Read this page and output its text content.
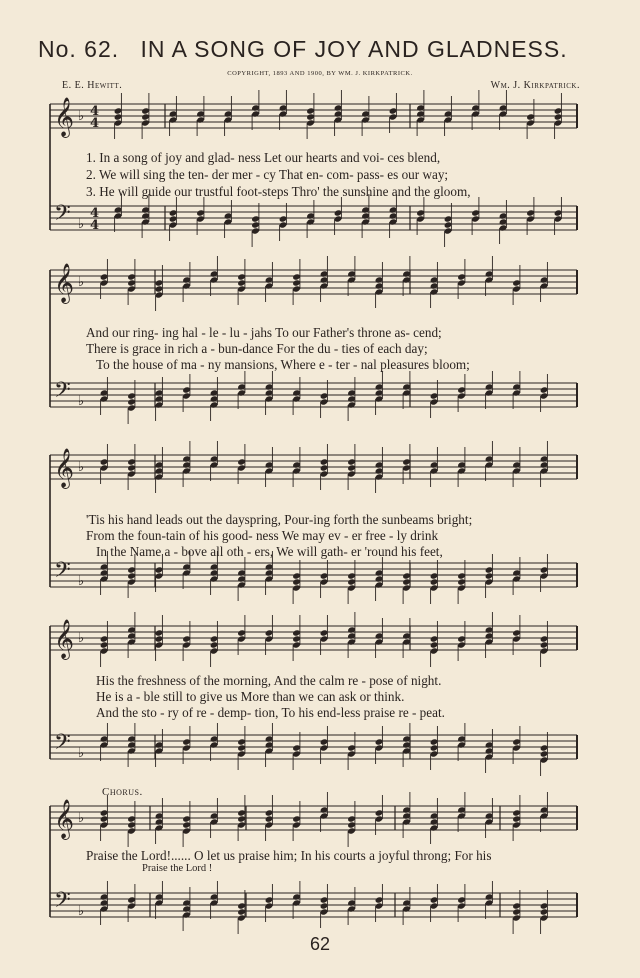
No. 62. IN A SONG OF JOY AND GLADNESS.
COPYRIGHT, 1893 AND 1900, BY WM. J. KIRKPATRICK.
E. E. Hewitt.	Wm. J. Kirkpatrick.
𝄞 ♭ 4
4
𝄢 ♭
4
4
𝄞 ♭
𝄢 ♭
𝄞 ♭
𝄢 ♭
𝄞 ♭
𝄢 ♭
𝄞 ♭
𝄢 ♭
1. In a song of joy and glad- ness Let our hearts and voi- ces blend,
2. We will sing the ten- der mer - cy That en- com- pass- es our way;
3. He will guide our trustful foot-steps Thro' the sunshine and the gloom,
And our ring- ing hal - le - lu - jahs To our Father's throne as- cend;
There is grace in rich a - bun-dance For the du - ties of each day;
To the house of ma - ny mansions, Where e - ter - nal pleasures bloom;
'Tis his hand leads out the dayspring, Pour-ing forth the sunbeams bright;
From the foun-tain of his good- ness We may ev - er free - ly drink
In the Name a - bove all oth - ers, We will gath- er 'round his feet,
His the freshness of the morning, And the calm re - pose of night.
He is a - ble still to give us More than we can ask or think.
And the sto - ry of re - demp- tion, To his end-less praise re - peat.
Chorus.
Praise the Lord!...... O let us praise him; In his courts a joyful throng; For his
Praise the Lord !
62
